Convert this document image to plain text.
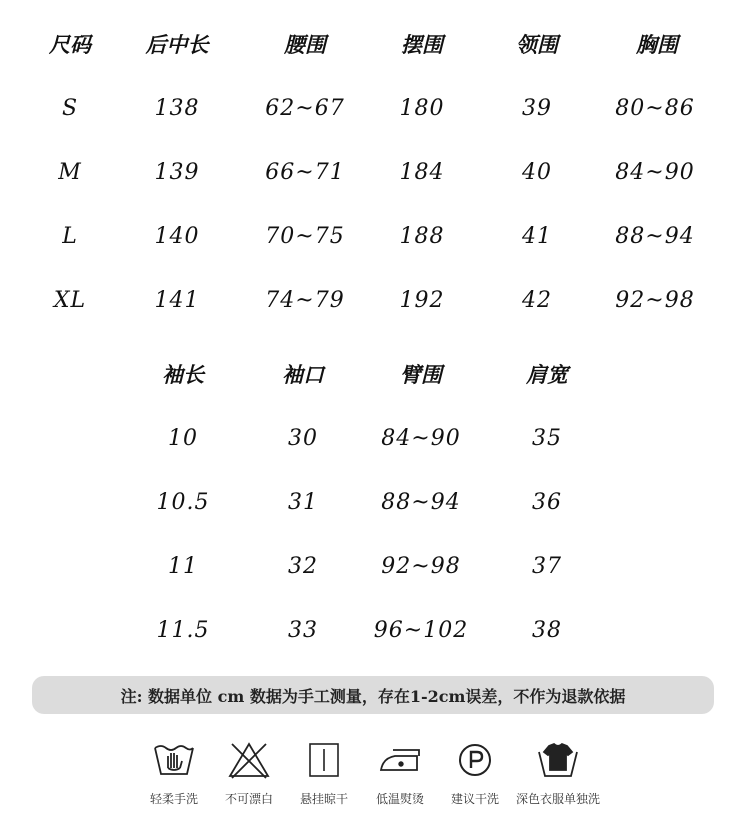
尺码	后中长	腰围	摆围	领围	胸围
S	138	62~67 180	39	80~86
M	139	66~71 184	40	84~90
L	140	70~75 188	41	88~94
XL	141	74~79 192	42	92~98
袖长	袖口	臂围	肩宽
10	30	84~90	35
10.5	31	88~94	36
11	32	92~98	37
11.5	33	96~102	38
注: 数据单位 cm 数据为手工测量，存在1-2cm误差，不作为退款依据
轻柔手洗 不可漂白 悬挂晾干 低温熨烫 建议干洗 深色衣服单独洗
